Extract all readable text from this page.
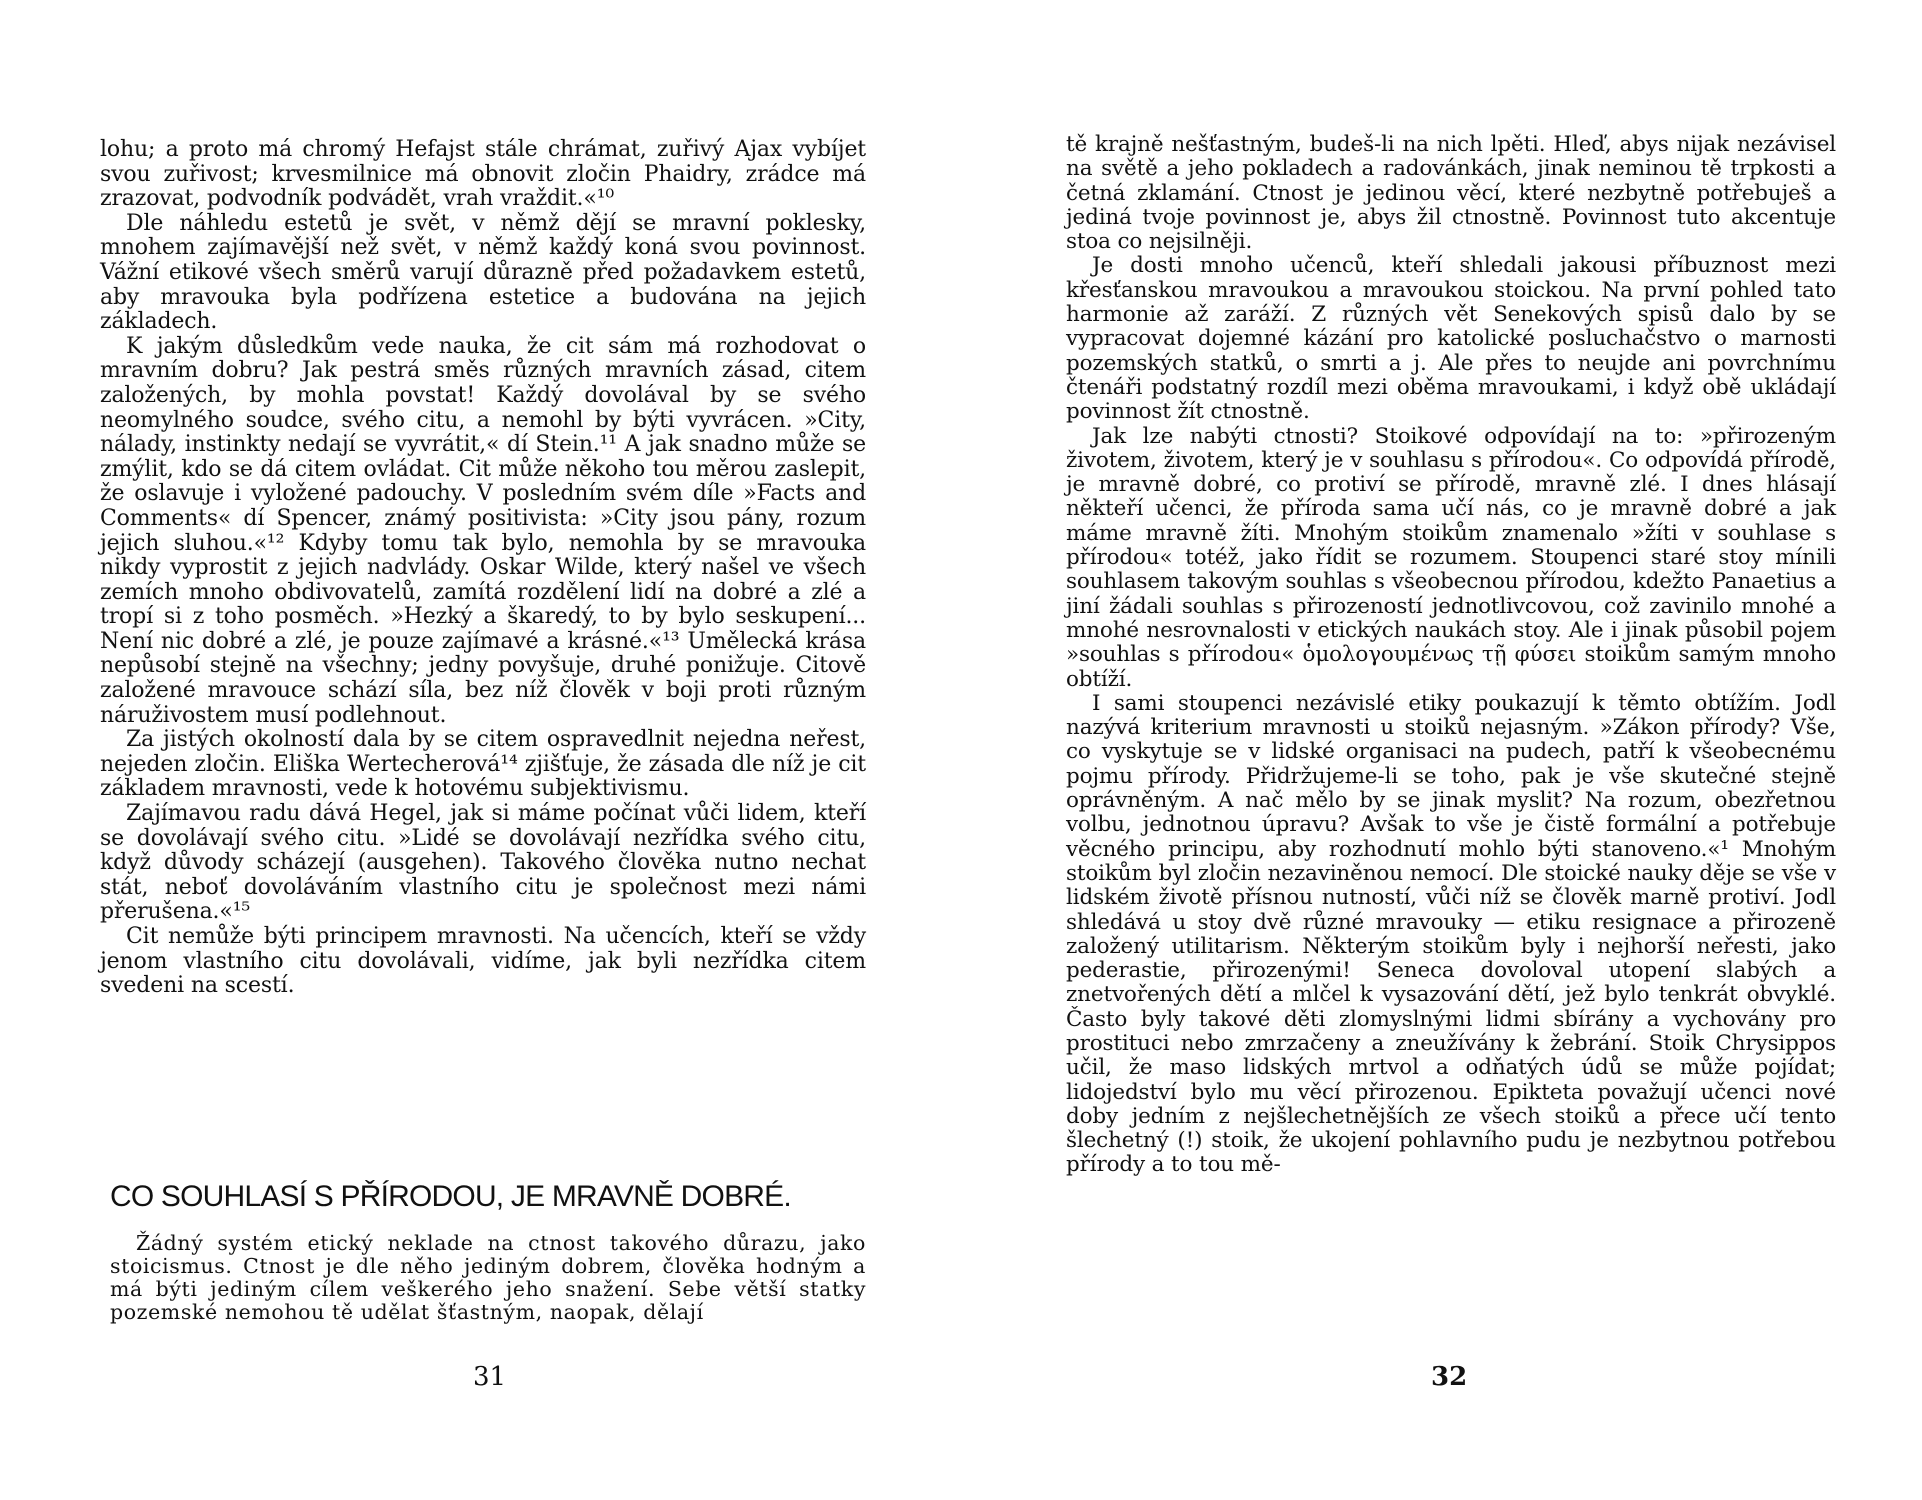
lohu; a proto má chromý Hefajst stále chrámat, zuřivý Ajax vybíjet svou zuřivost; krvesmilnice má obnovit zločin Phaidry, zrádce má zrazovat, podvodník podvádět, vrah vraždit.«¹⁰

Dle náhledu estetů je svět, v němž dějí se mravní poklesky, mnohem zajímavější než svět, v němž každý koná svou povinnost. Vážní etikové všech směrů varují důrazně před požadavkem estetů, aby mravouka byla podřízena estetice a budována na jejich základech.

K jakým důsledkům vede nauka, že cit sám má rozhodovat o mravním dobru? Jak pestrá směs různých mravních zásad, citem založených, by mohla povstat! Každý dovolával by se svého neomylného soudce, svého citu, a nemohl by býti vyvrácen. »City, nálady, instinkty nedají se vyvrátit,« dí Stein.¹¹ A jak snadno může se zmýlit, kdo se dá citem ovládat. Cit může někoho tou měrou zaslepit, že oslavuje i vyložené padouchy. V posledním svém díle »Facts and Comments« dí Spencer, známý positivista: »City jsou pány, rozum jejich sluhou.«¹² Kdyby tomu tak bylo, nemohla by se mravouka nikdy vyprostit z jejich nadvlády. Oskar Wilde, který našel ve všech zemích mnoho obdivovatelů, zamítá rozdělení lidí na dobré a zlé a tropí si z toho posměch. »Hezký a škaredý, to by bylo seskupení... Není nic dobré a zlé, je pouze zajímavé a krásné.«¹³ Umělecká krása nepůsobí stejně na všechny; jedny povyšuje, druhé ponižuje. Citově založené mravouce schází síla, bez níž člověk v boji proti různým náruživostem musí podlehnout.

Za jistých okolností dala by se citem ospravedlnit nejedna neřest, nejeden zločin. Eliška Wertecherová¹⁴ zjišťuje, že zásada dle níž je cit základem mravnosti, vede k hotovému subjektivismu.

Zajímavou radu dává Hegel, jak si máme počínat vůči lidem, kteří se dovolávají svého citu. »Lidé se dovolávají nezřídka svého citu, když důvody scházejí (ausgehen). Takového člověka nutno nechat stát, neboť dovoláváním vlastního citu je společnost mezi námi přerušena.«¹⁵

Cit nemůže býti principem mravnosti. Na učencích, kteří se vždy jenom vlastního citu dovolávali, vidíme, jak byli nezřídka citem svedeni na scestí.

CO SOUHLASÍ S PŘÍRODOU, JE MRAVNĚ DOBRÉ.

Žádný systém etický neklade na ctnost takového důrazu, jako stoicismus. Ctnost je dle něho jediným dobrem, člověka hodným a má býti jediným cílem veškerého jeho snažení. Sebe větší statky pozemské nemohou tě udělat šťastným, naopak, dělají

31

tě krajně nešťastným, budeš-li na nich lpěti. Hleď, abys nijak nezávisel na světě a jeho pokladech a radovánkách, jinak neminou tě trpkosti a četná zklamání. Ctnost je jedinou věcí, které nezbytně potřebuješ a jediná tvoje povinnost je, abys žil ctnostně. Povinnost tuto akcentuje stoa co nejsilněji.

Je dosti mnoho učenců, kteří shledali jakousi příbuznost mezi křesťanskou mravoukou a mravoukou stoickou. Na první pohled tato harmonie až zaráží. Z různých vět Senekových spisů dalo by se vypracovat dojemné kázání pro katolické posluchačstvo o marnosti pozemských statků, o smrti a j. Ale přes to neujde ani povrchnímu čtenáři podstatný rozdíl mezi oběma mravoukami, i když obě ukládají povinnost žít ctnostně.

Jak lze nabýti ctnosti? Stoikové odpovídají na to: »přirozeným životem, životem, který je v souhlasu s přírodou«. Co odpovídá přírodě, je mravně dobré, co protiví se přírodě, mravně zlé. I dnes hlásají někteří učenci, že příroda sama učí nás, co je mravně dobré a jak máme mravně žíti. Mnohým stoikům znamenalo »žíti v souhlase s přírodou« totéž, jako řídit se rozumem. Stoupenci staré stoy mínili souhlasem takovým souhlas s všeobecnou přírodou, kdežto Panaetius a jiní žádali souhlas s přirozeností jednotlivcovou, což zavinilo mnohé a mnohé nesrovnalosti v etických naukách stoy. Ale i jinak působil pojem »souhlas s přírodou« ὁμολογουμένως τῇ φύσει stoikům samým mnoho obtíží.

I sami stoupenci nezávislé etiky poukazují k těmto obtížím. Jodl nazývá kriterium mravnosti u stoiků nejasným. »Zákon přírody? Vše, co vyskytuje se v lidské organisaci na pudech, patří k všeobecnému pojmu přírody. Přidržujeme-li se toho, pak je vše skutečné stejně oprávněným. A nač mělo by se jinak myslit? Na rozum, obezřetnou volbu, jednotnou úpravu? Avšak to vše je čistě formální a potřebuje věcného principu, aby rozhodnutí mohlo býti stanoveno.«¹ Mnohým stoikům byl zločin nezaviněnou nemocí. Dle stoické nauky děje se vše v lidském životě přísnou nutností, vůči níž se člověk marně protiví. Jodl shledává u stoy dvě různé mravouky — etiku resignace a přirozeně založený utilitarism. Některým stoikům byly i nejhorší neřesti, jako pederastie, přirozenými! Seneca dovoloval utopení slabých a znetvořených dětí a mlčel k vysazování dětí, jež bylo tenkrát obvyklé. Často byly takové děti zlomyslnými lidmi sbírány a vychovány pro prostituci nebo zmrzačeny a zneužívány k žebrání. Stoik Chrysippos učil, že maso lidských mrtvol a odňatých údů se může pojídat; lidojedství bylo mu věcí přirozenou. Epikteta považují učenci nové doby jedním z nejšlechetnějších ze všech stoiků a přece učí tento šlechetný (!) stoik, že ukojení pohlavního pudu je nezbytnou potřebou přírody a to tou mě-

32
